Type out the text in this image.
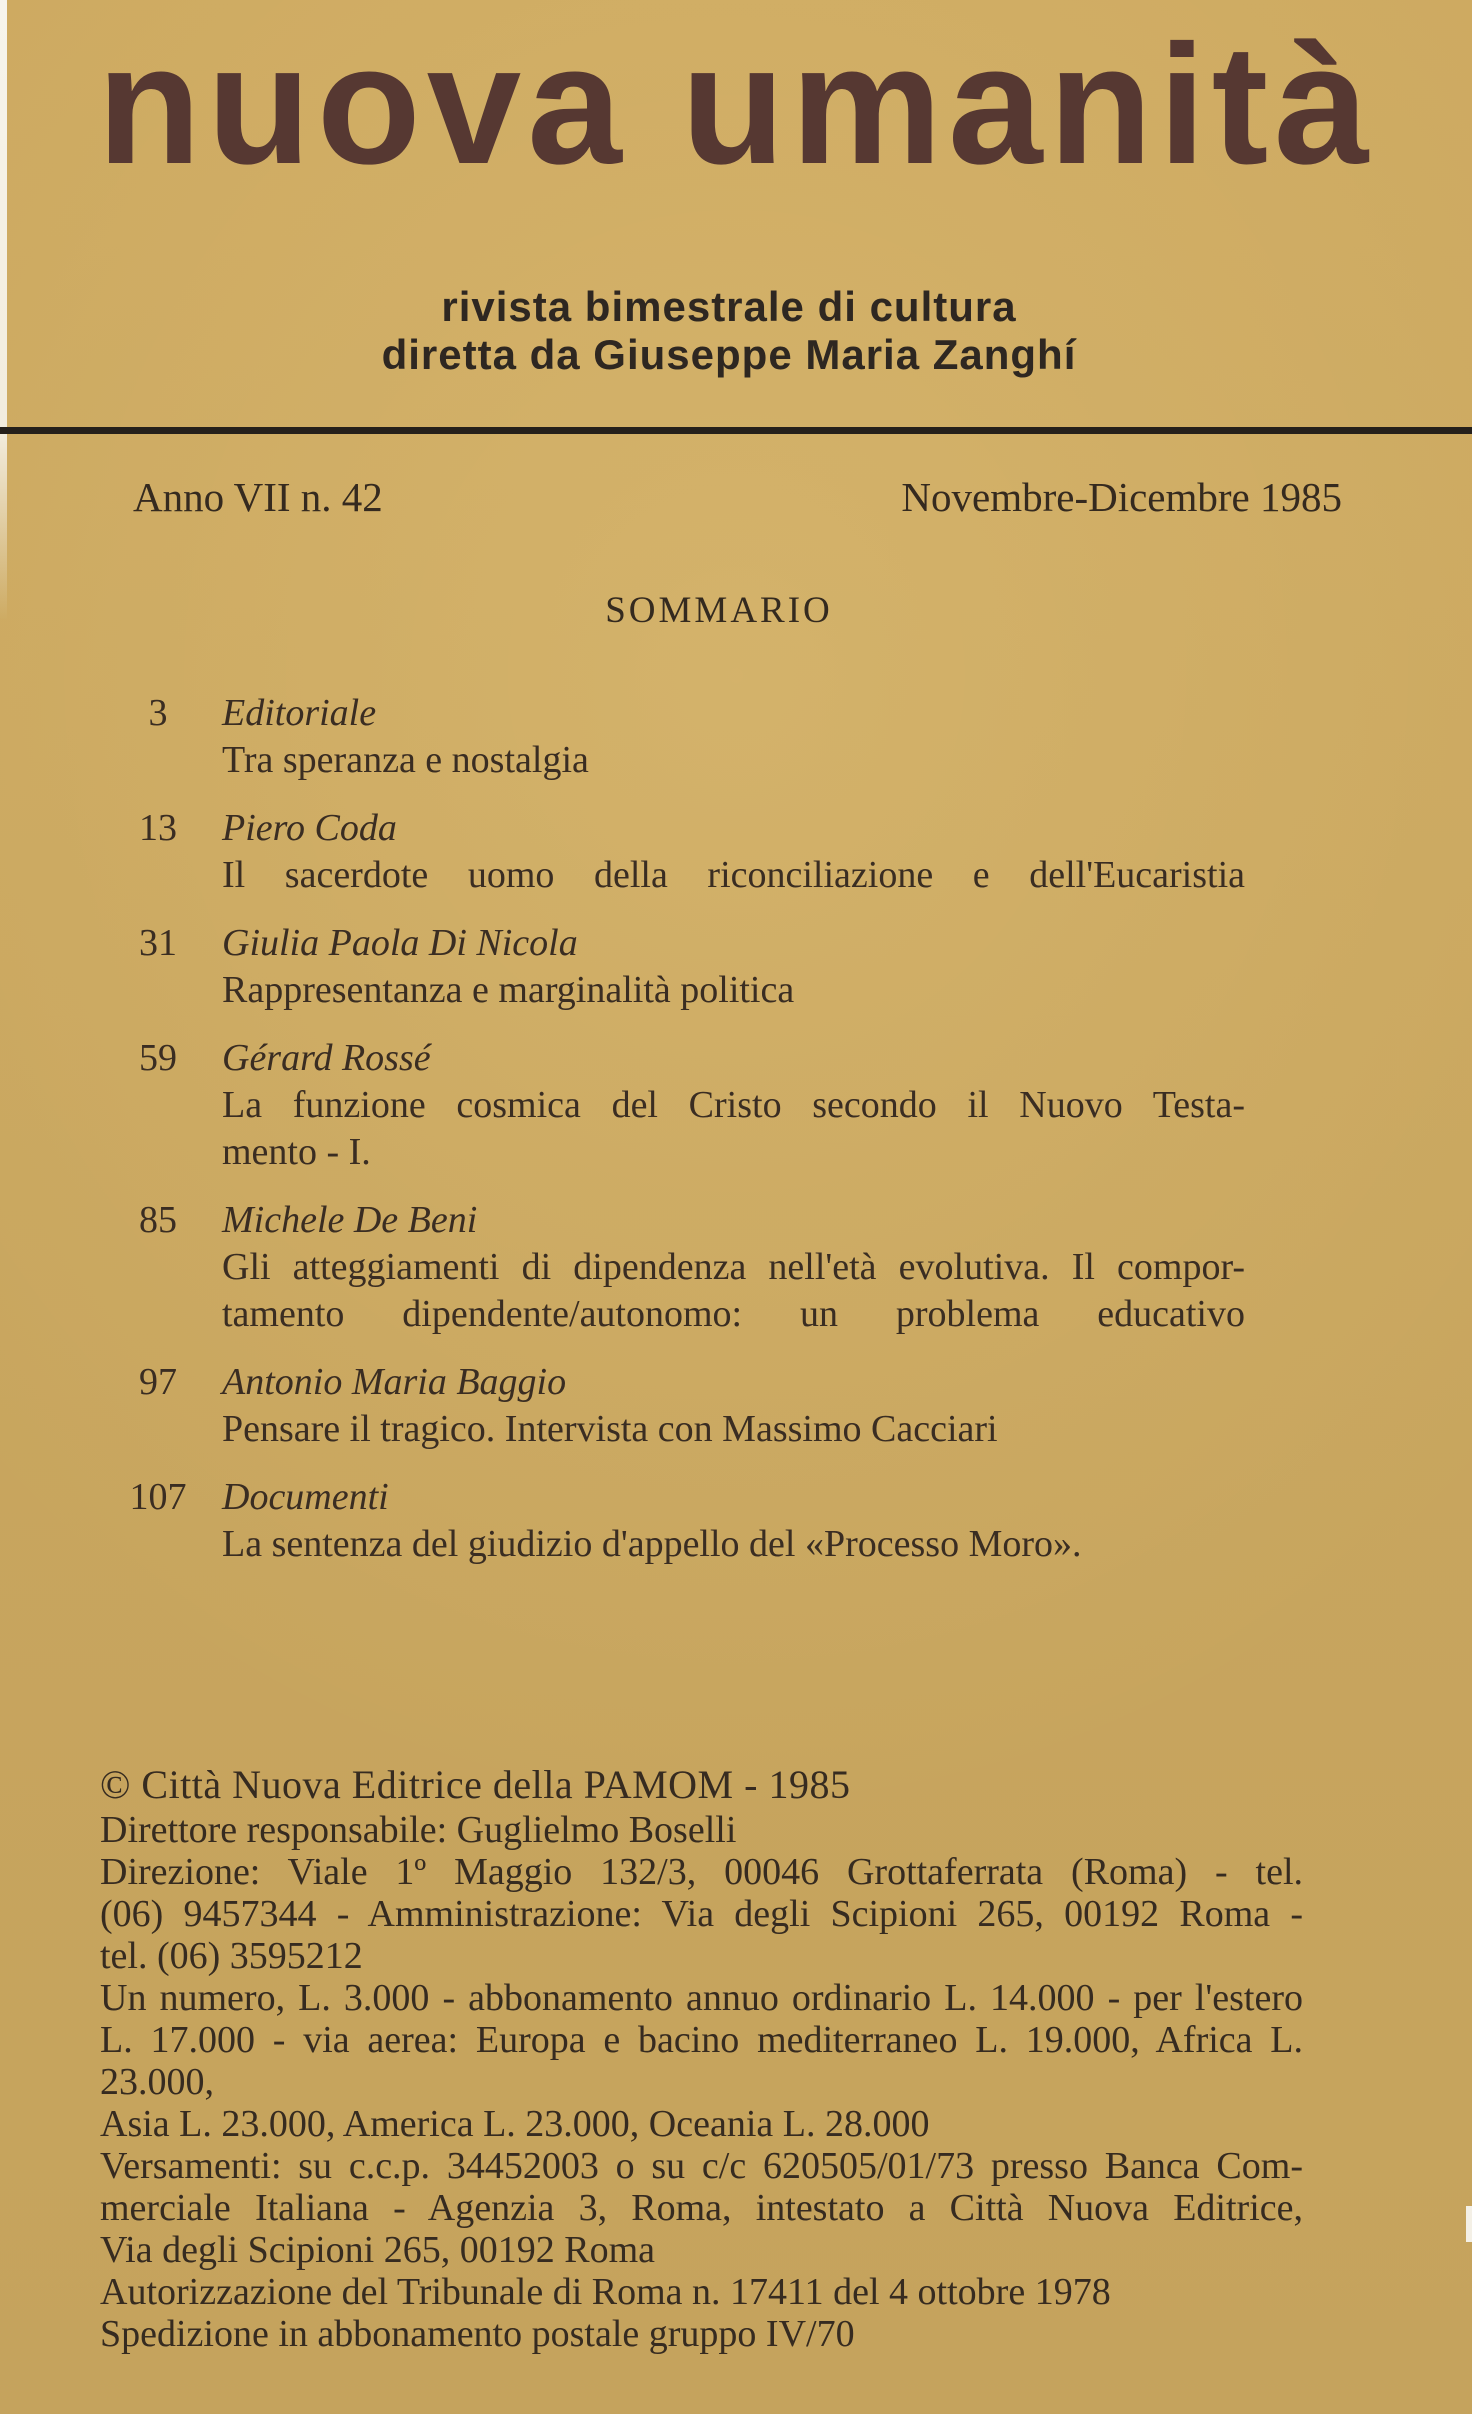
nuova umanità
rivista bimestrale di cultura
diretta da Giuseppe Maria Zanghí
Anno VII n. 42	Novembre-Dicembre 1985
SOMMARIO
3	Editoriale
Tra speranza e nostalgia
13	Piero Coda
Il sacerdote uomo della riconciliazione e dell'Eucaristia
31	Giulia Paola Di Nicola
Rappresentanza e marginalità politica
59	Gérard Rossé
La funzione cosmica del Cristo secondo il Nuovo Testa-
mento - I.
85	Michele De Beni
Gli atteggiamenti di dipendenza nell'età evolutiva. Il compor-
tamento dipendente/autonomo: un problema educativo
97	Antonio Maria Baggio
Pensare il tragico. Intervista con Massimo Cacciari
107 Documenti
La sentenza del giudizio d'appello del «Processo Moro».
© Città Nuova Editrice della PAMOM - 1985
Direttore responsabile: Guglielmo Boselli
Direzione: Viale 1º Maggio 132/3, 00046 Grottaferrata (Roma) - tel.
(06) 9457344 - Amministrazione: Via degli Scipioni 265, 00192 Roma -
tel. (06) 3595212
Un numero, L. 3.000 - abbonamento annuo ordinario L. 14.000 - per l'estero
L. 17.000 - via aerea: Europa e bacino mediterraneo L. 19.000, Africa L. 23.000,
Asia L. 23.000, America L. 23.000, Oceania L. 28.000
Versamenti: su c.c.p. 34452003 o su c/c 620505/01/73 presso Banca Com-
merciale Italiana - Agenzia 3, Roma, intestato a Città Nuova Editrice,
Via degli Scipioni 265, 00192 Roma
Autorizzazione del Tribunale di Roma n. 17411 del 4 ottobre 1978
Spedizione in abbonamento postale gruppo IV/70
